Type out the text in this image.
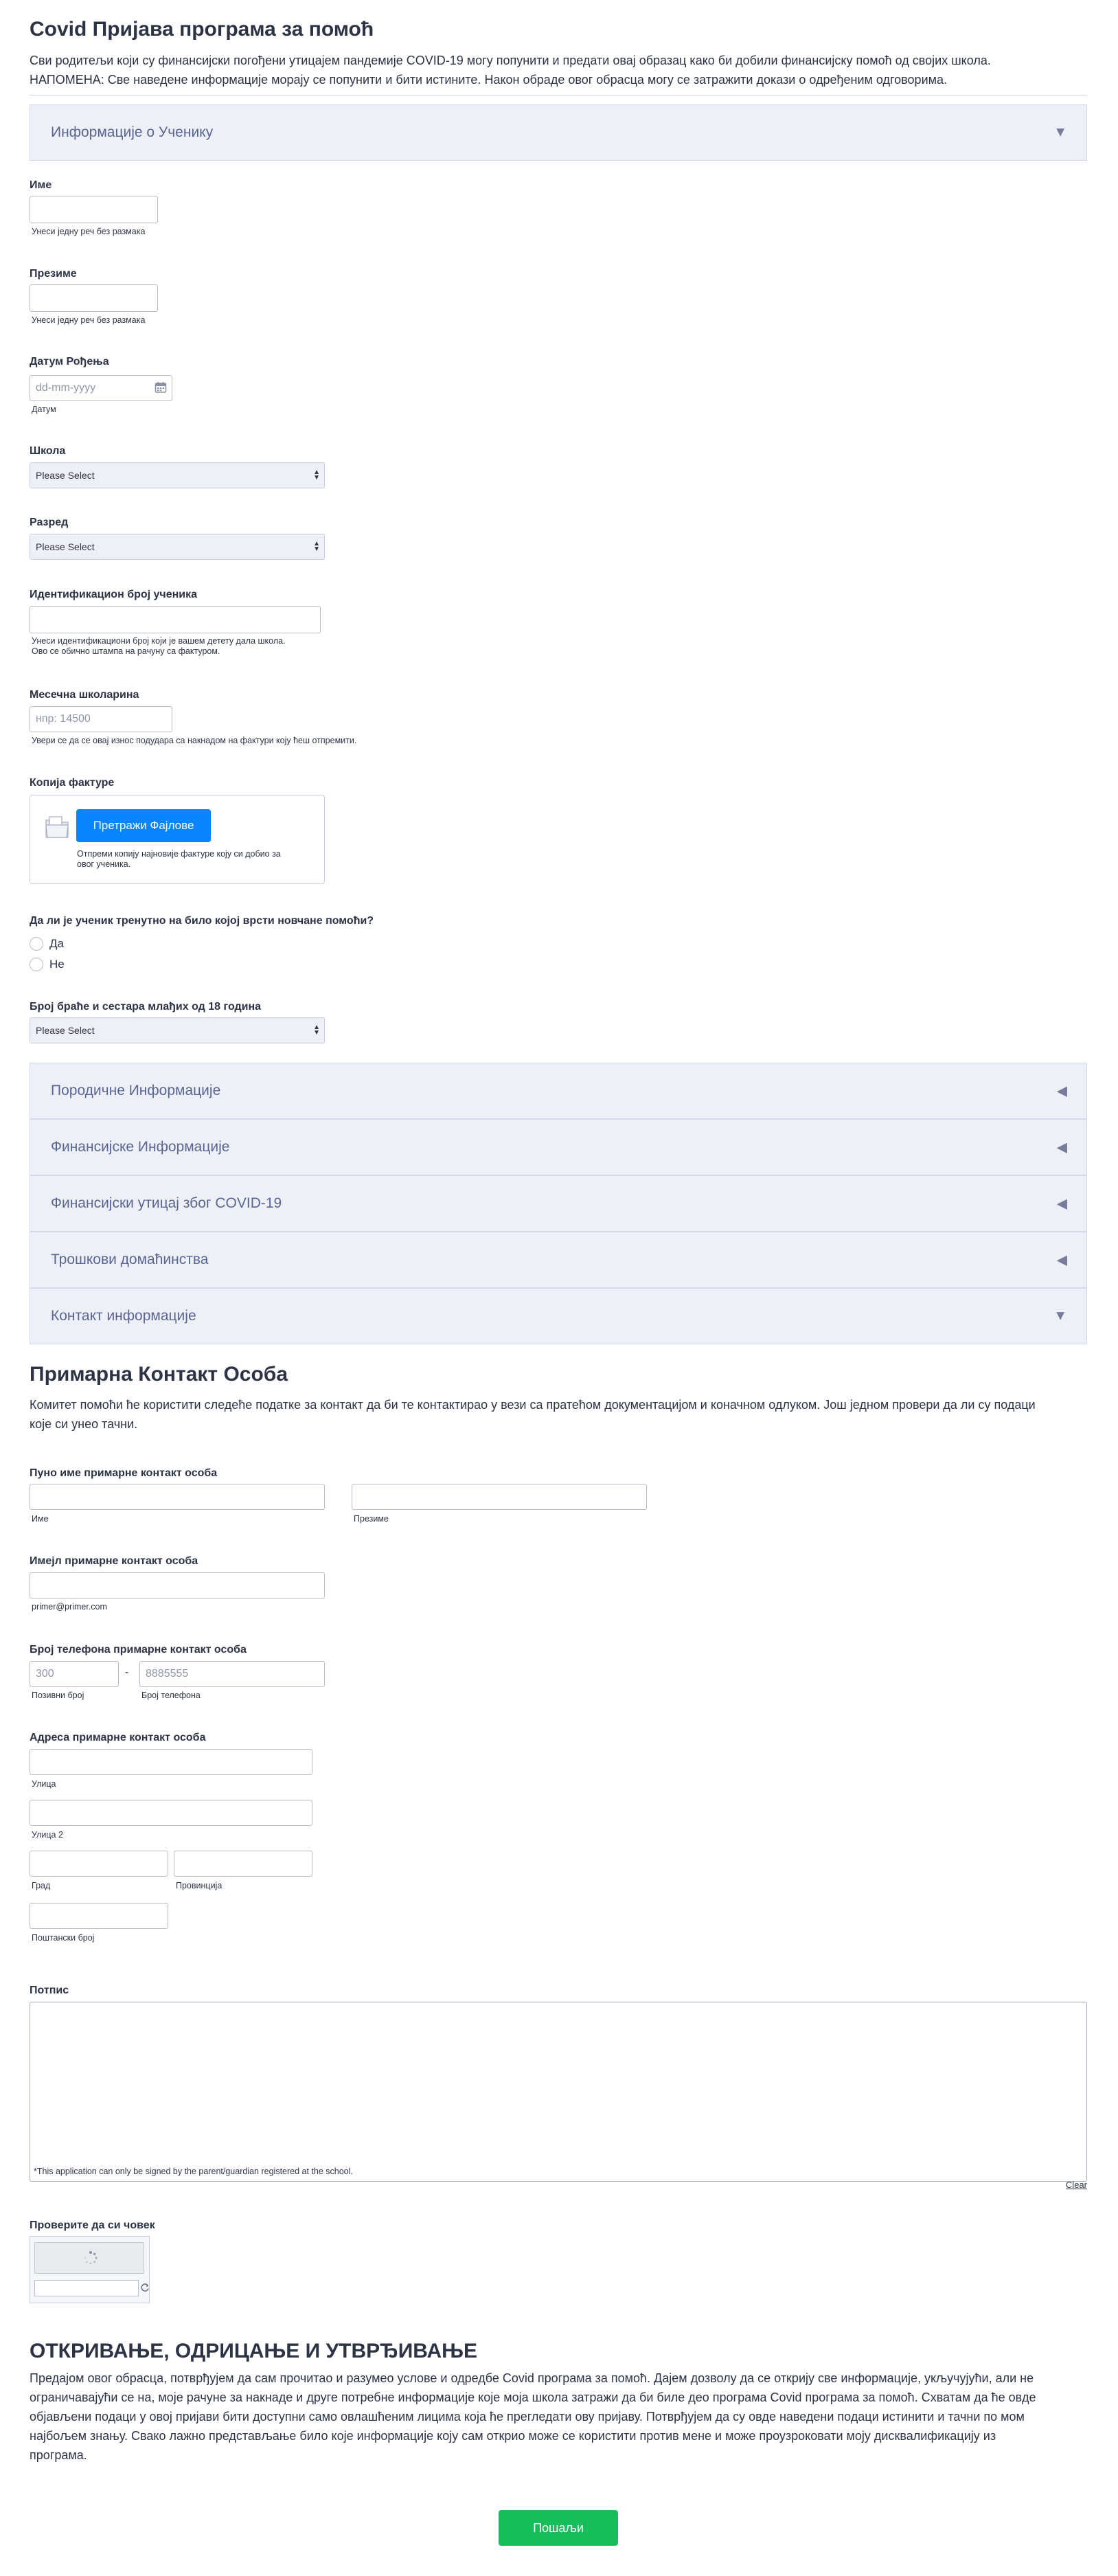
Covid Пријава програма за помоћ
Сви родитељи који су финансијски погођени утицајем пандемије COVID-19 могу попунити и предати овај образац како би добили финансијску помоћ од својих школа.
НАПОМЕНА: Све наведене информације морају се попунити и бити истините. Након обраде овог обрасца могу се затражити докази о одређеним одговорима.
Информације о Ученику	▼
Име
Унеси једну реч без размака
Презиме
Унеси једну реч без размака
Датум Рођења
dd-mm-yyyy
Датум
Школа
Please Select	▲
▼
Разред
Please Select	▲
▼
Идентификацион број ученика
Унеси идентификациони број који је вашем детету дала школа.
Ово се обично штампа на рачуну са фактуром.
Месечна школарина
нпр: 14500
Увери се да се овај износ подудара са накнадом на фактури коју ћеш отпремити.
Копија фактуре
Претражи Фајлове
Отпреми копију најновије фактуре коју си добио за
овог ученика.
Да ли је ученик тренутно на било којој врсти новчане помоћи?
Да
Не
Број браће и сестара млађих од 18 година
Please Select	▲
▼
Породичне Информације	◀
Финансијске Информације	◀
Финансијски утицај због COVID-19	◀
Трошкови домаћинства	◀
Контакт информације	▼
Примарна Контакт Особа
Комитет помоћи ће користити следеће податке за контакт да би те контактирао у вези са пратећом документацијом и коначном одлуком. Још једном провери да ли су подаци које си унео тачни.
Пуно име примарне контакт особа
Име	Презиме
Имејл примарне контакт особа
primer@primer.com
Број телефона примарне контакт особа
300	- 8885555
Позивни број	Број телефона
Адреса примарне контакт особа
Улица
Улица 2
Град	Провинција
Поштански број
Потпис
*This application can only be signed by the parent/guardian registered at the school.
Clear
Проверите да си човек
ОТКРИВАЊЕ, ОДРИЦАЊЕ И УТВРЂИВАЊЕ
Предајом овог обрасца, потврђујем да сам прочитао и разумео услове и одредбе Covid програма за помоћ. Дајем дозволу да се открију све информације, укључујући, али не
ограничавајући се на, моје рачуне за накнаде и друге потребне информације које моја школа затражи да би биле део програма Covid програма за помоћ. Схватам да ће овде
објављени подаци у овој пријави бити доступни само овлашћеним лицима која ће прегледати ову пријаву. Потврђујем да су овде наведени подаци истинити и тачни по мом
најбољем знању. Свако лажно представљање било које информације коју сам открио може се користити против мене и може проузроковати моју дисквалификацију из
програма.
Пошаљи
